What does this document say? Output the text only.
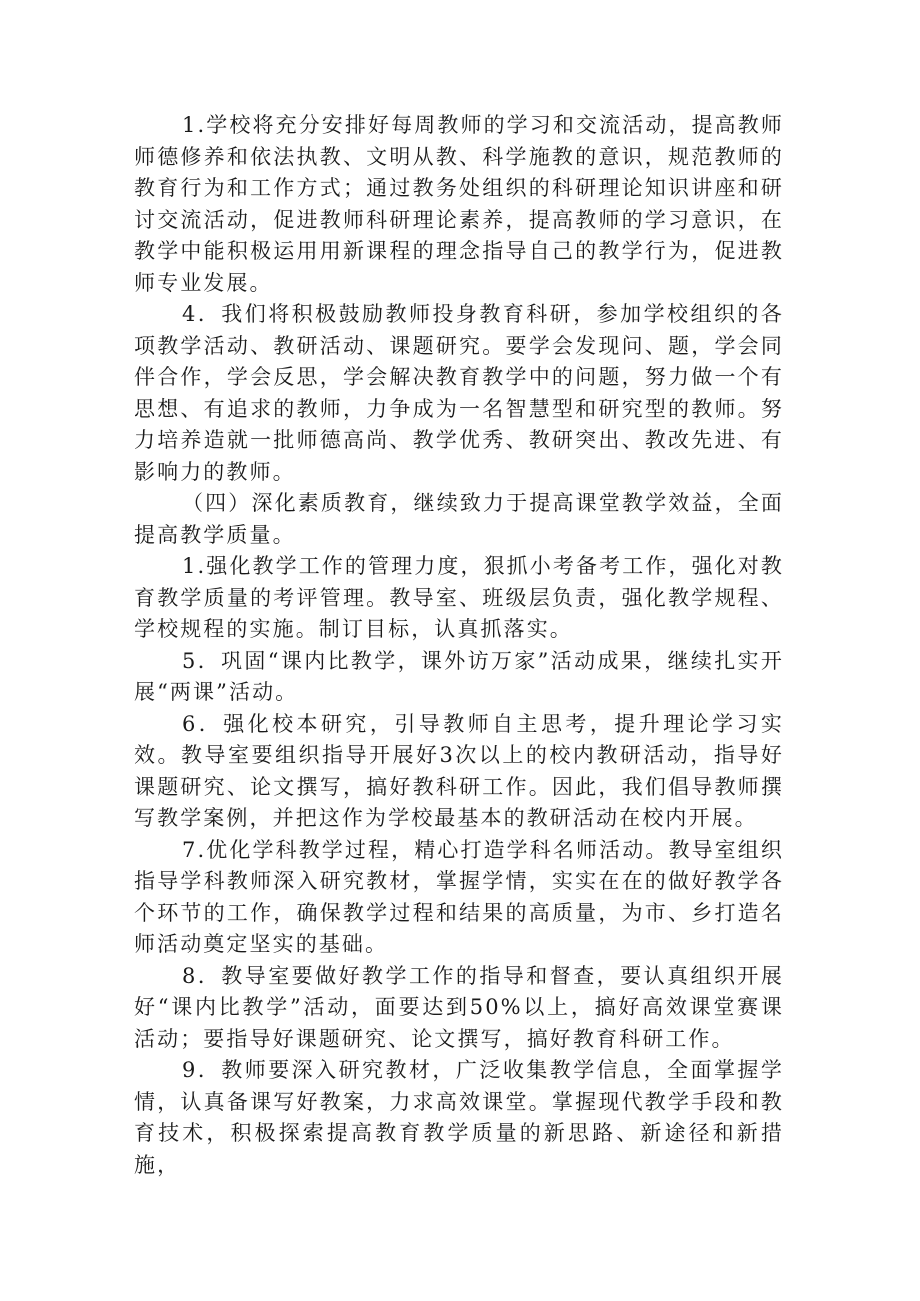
1.学校将充分安排好每周教师的学习和交流活动，提高教师师德修养和依法执教、文明从教、科学施教的意识，规范教师的教育行为和工作方式；通过教务处组织的科研理论知识讲座和研讨交流活动，促进教师科研理论素养，提高教师的学习意识，在教学中能积极运用用新课程的理念指导自己的教学行为，促进教师专业发展。

4．我们将积极鼓励教师投身教育科研，参加学校组织的各项教学活动、教研活动、课题研究。要学会发现问、题，学会同伴合作，学会反思，学会解决教育教学中的问题，努力做一个有思想、有追求的教师，力争成为一名智慧型和研究型的教师。努力培养造就一批师德高尚、教学优秀、教研突出、教改先进、有影响力的教师。

（四）深化素质教育，继续致力于提高课堂教学效益，全面提高教学质量。

1.强化教学工作的管理力度，狠抓小考备考工作，强化对教育教学质量的考评管理。教导室、班级层负责，强化教学规程、学校规程的实施。制订目标，认真抓落实。

5．巩固“课内比教学，课外访万家”活动成果，继续扎实开展“两课”活动。

6．强化校本研究，引导教师自主思考，提升理论学习实效。教导室要组织指导开展好3次以上的校内教研活动，指导好课题研究、论文撰写，搞好教科研工作。因此，我们倡导教师撰写教学案例，并把这作为学校最基本的教研活动在校内开展。

7.优化学科教学过程，精心打造学科名师活动。教导室组织指导学科教师深入研究教材，掌握学情，实实在在的做好教学各个环节的工作，确保教学过程和结果的高质量，为市、乡打造名师活动奠定坚实的基础。

8．教导室要做好教学工作的指导和督查，要认真组织开展好“课内比教学”活动，面要达到50%以上，搞好高效课堂赛课活动；要指导好课题研究、论文撰写，搞好教育科研工作。

9．教师要深入研究教材，广泛收集教学信息，全面掌握学情，认真备课写好教案，力求高效课堂。掌握现代教学手段和教育技术，积极探索提高教育教学质量的新思路、新途径和新措施，
